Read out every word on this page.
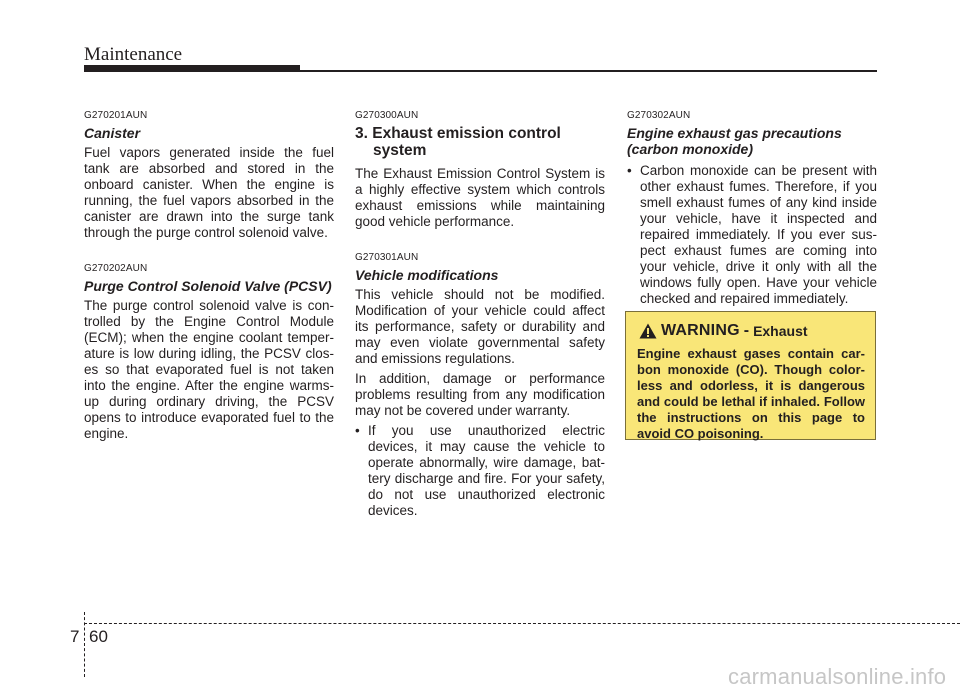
Maintenance

G270201AUN

Canister

Fuel vapors generated inside the fuel tank are absorbed and stored in the onboard canister. When the engine is running, the fuel vapors absorbed in the canister are drawn into the surge tank through the purge control solenoid valve.

G270202AUN

Purge Control Solenoid Valve (PCSV)

The purge control solenoid valve is con-trolled by the Engine Control Module (ECM); when the engine coolant temper-ature is low during idling, the PCSV clos-es so that evaporated fuel is not taken into the engine. After the engine warms-up during ordinary driving, the PCSV opens to introduce evaporated fuel to the engine.

G270300AUN

3. Exhaust emission control system

The Exhaust Emission Control System is a highly effective system which controls exhaust emissions while maintaining good vehicle performance.

G270301AUN

Vehicle modifications

This vehicle should not be modified. Modification of your vehicle could affect its performance, safety or durability and may even violate governmental safety and emissions regulations.

In addition, damage or performance problems resulting from any modification may not be covered under warranty.

• If you use unauthorized electric devices, it may cause the vehicle to operate abnormally, wire damage, bat-tery discharge and fire. For your safety, do not use unauthorized electronic devices.

G270302AUN

Engine exhaust gas precautions

(carbon monoxide)

• Carbon monoxide can be present with other exhaust fumes. Therefore, if you smell exhaust fumes of any kind inside your vehicle, have it inspected and repaired immediately. If you ever sus-pect exhaust fumes are coming into your vehicle, drive it only with all the windows fully open. Have your vehicle checked and repaired immediately.
WARNING - Exhaust

Engine exhaust gases contain car-bon monoxide (CO). Though color-less and odorless, it is dangerous and could be lethal if inhaled. Follow the instructions on this page to avoid CO poisoning.

7 60
carmanualsonline.info
